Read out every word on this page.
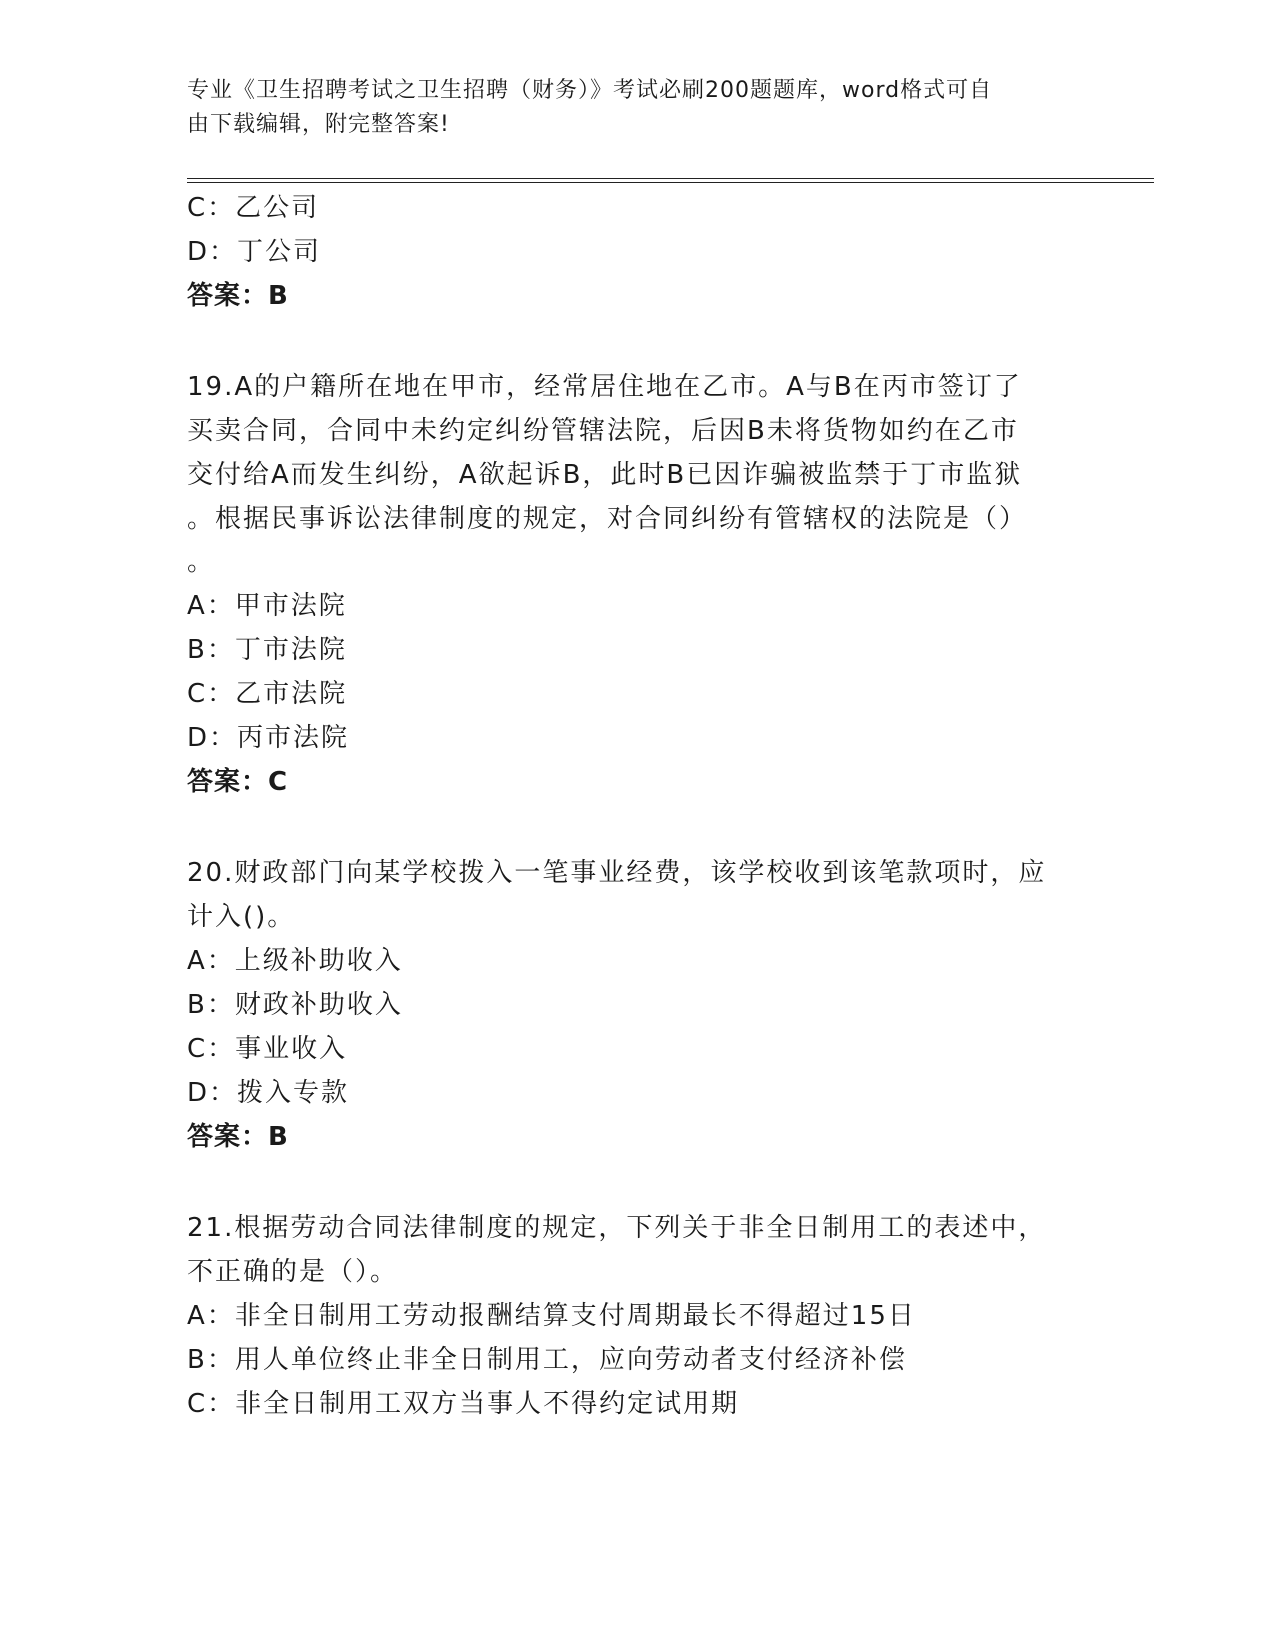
专业《卫生招聘考试之卫生招聘（财务）》考试必刷200题题库，word格式可自
由下载编辑，附完整答案!
C：乙公司
D：丁公司
答案：B
19.A的户籍所在地在甲市，经常居住地在乙市。A与B在丙市签订了
买卖合同，合同中未约定纠纷管辖法院，后因B未将货物如约在乙市
交付给A而发生纠纷，A欲起诉B，此时B已因诈骗被监禁于丁市监狱
。根据民事诉讼法律制度的规定，对合同纠纷有管辖权的法院是（）
。
A：甲市法院
B：丁市法院
C：乙市法院
D：丙市法院
答案：C
20.财政部门向某学校拨入一笔事业经费，该学校收到该笔款项时，应
计入()。
A：上级补助收入
B：财政补助收入
C：事业收入
D：拨入专款
答案：B
21.根据劳动合同法律制度的规定，下列关于非全日制用工的表述中，
不正确的是（）。
A：非全日制用工劳动报酬结算支付周期最长不得超过15日
B：用人单位终止非全日制用工，应向劳动者支付经济补偿
C：非全日制用工双方当事人不得约定试用期
